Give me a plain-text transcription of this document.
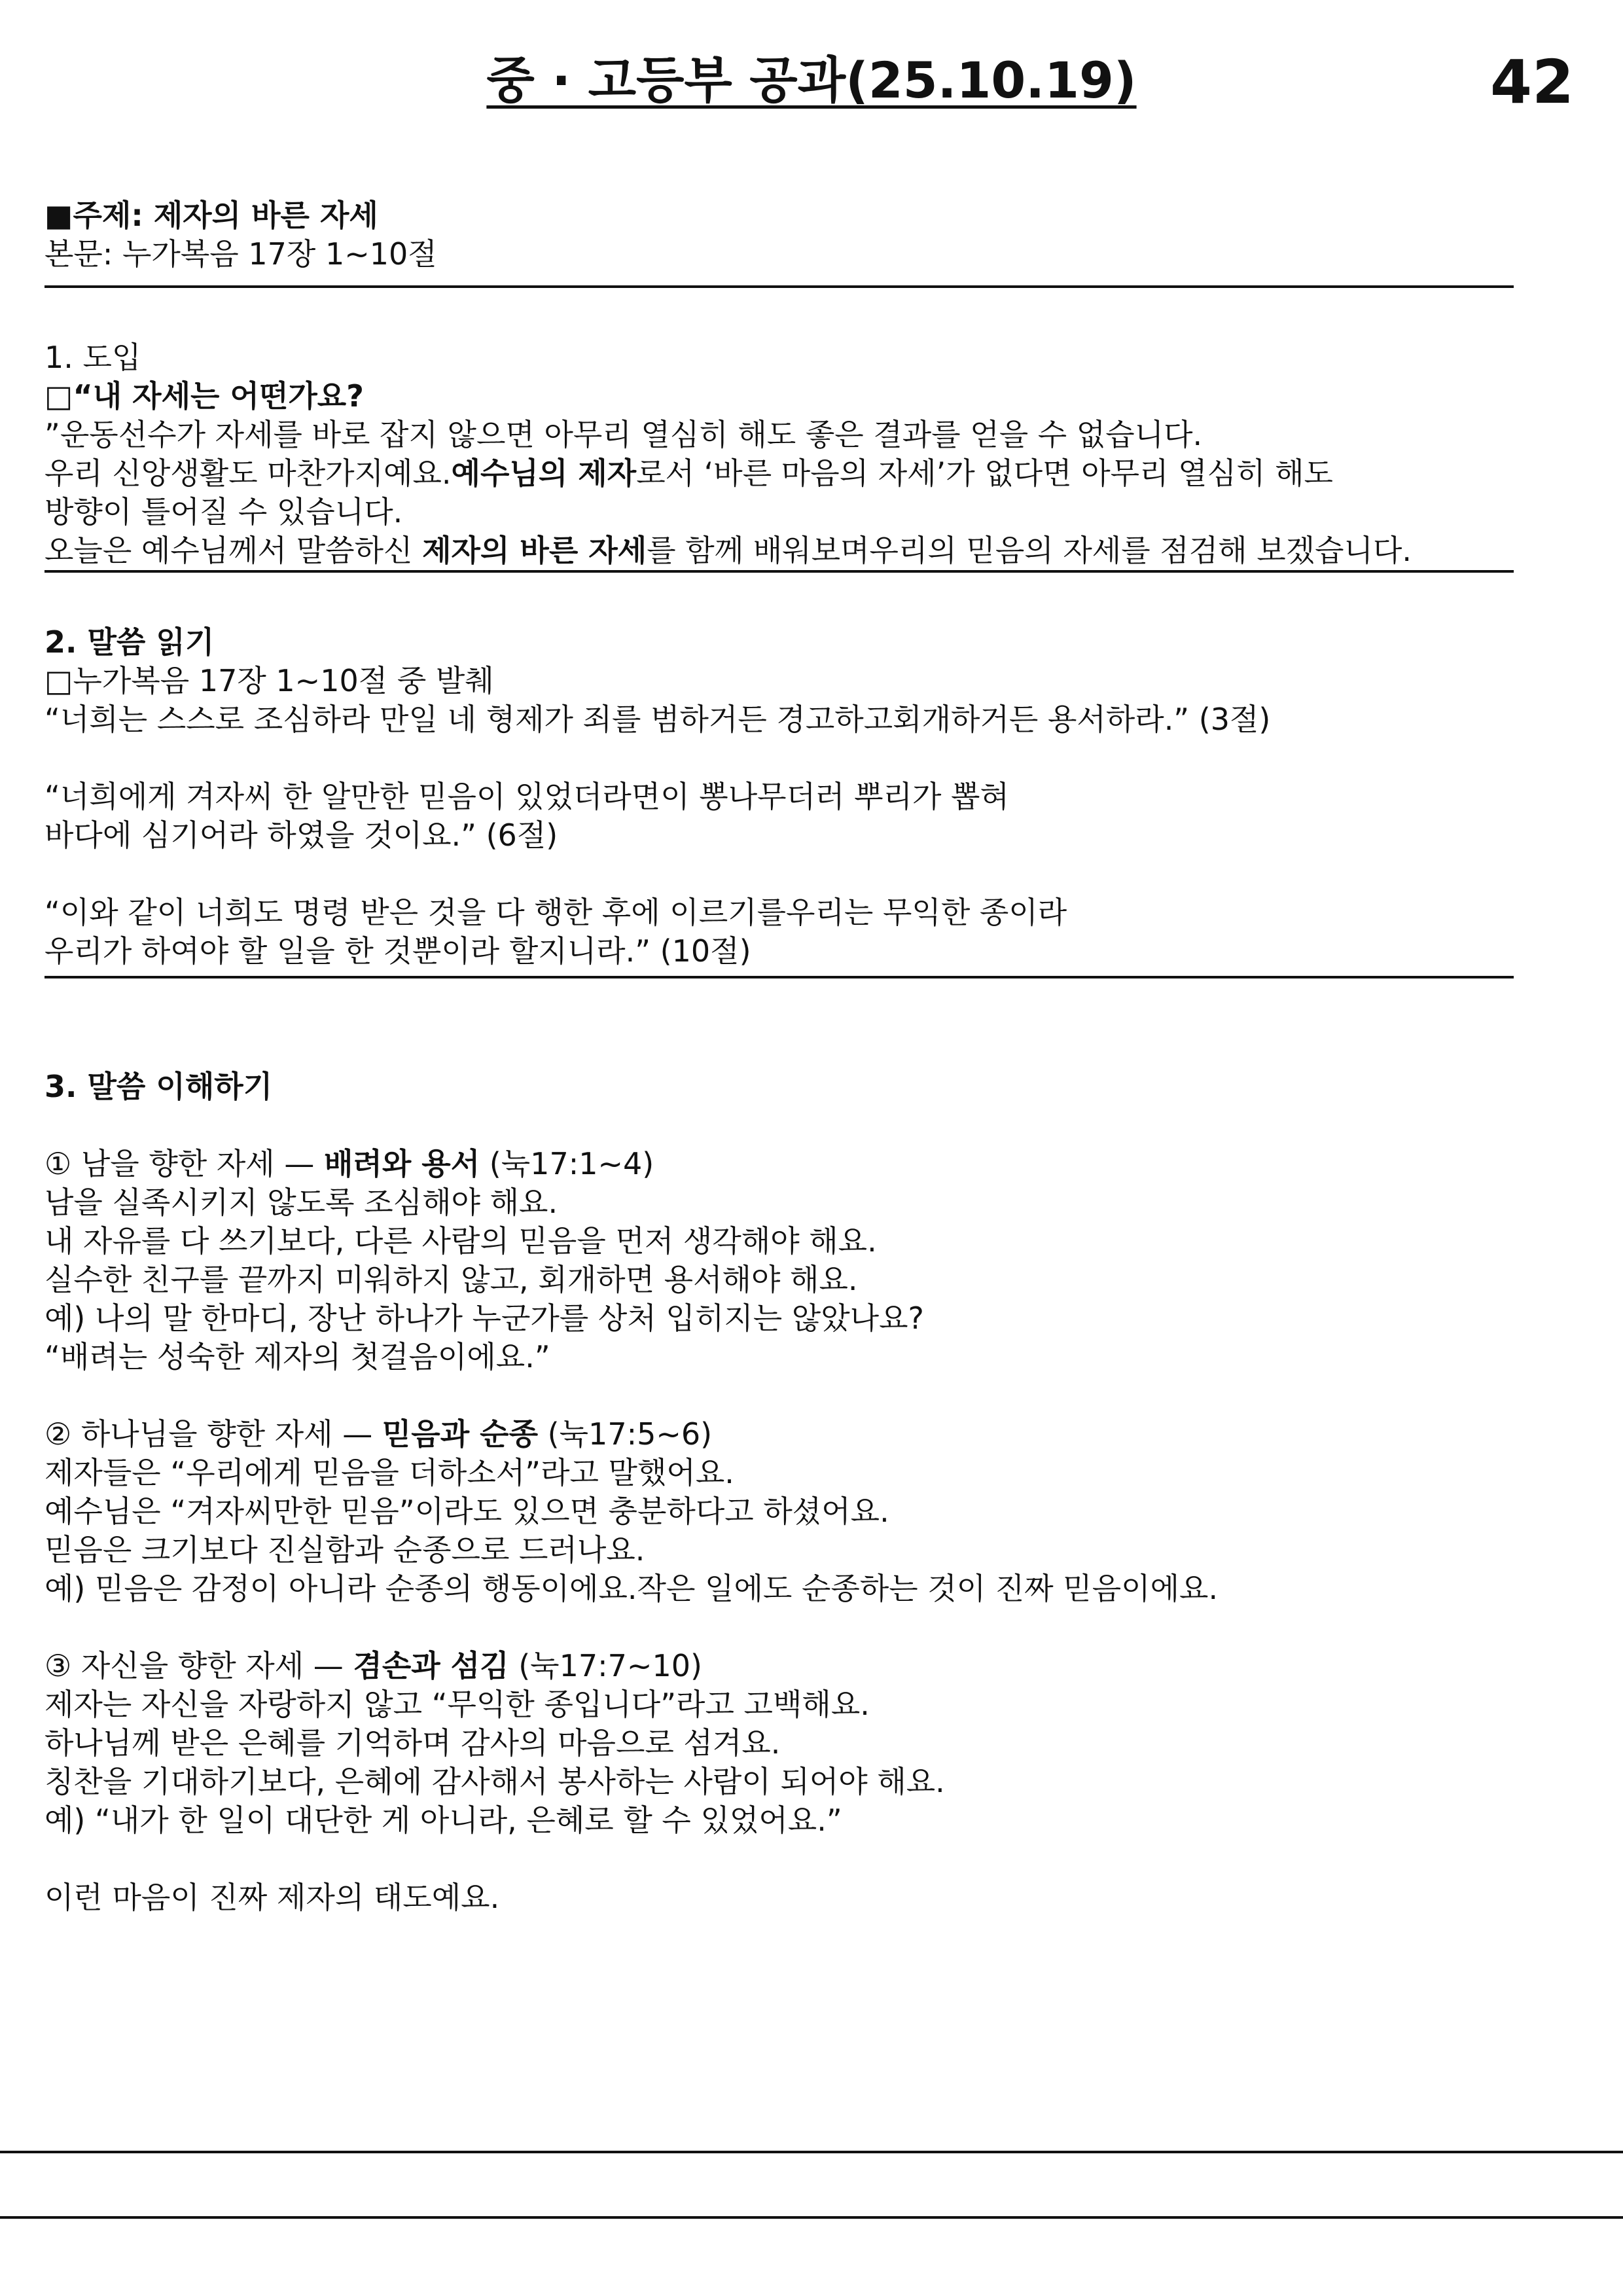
중 · 고등부 공과(25.10.19)	42
■주제: 제자의 바른 자세
본문: 누가복음 17장 1~10절
1. 도입
□“내 자세는 어떤가요?
”운동선수가 자세를 바로 잡지 않으면 아무리 열심히 해도 좋은 결과를 얻을 수 없습니다.
우리 신앙생활도 마찬가지예요.예수님의 제자로서 ‘바른 마음의 자세’가 없다면 아무리 열심히 해도
방향이 틀어질 수 있습니다.
오늘은 예수님께서 말씀하신 제자의 바른 자세를 함께 배워보며우리의 믿음의 자세를 점검해 보겠습니다.
2. 말씀 읽기
□누가복음 17장 1~10절 중 발췌
“너희는 스스로 조심하라 만일 네 형제가 죄를 범하거든 경고하고회개하거든 용서하라.” (3절)
“너희에게 겨자씨 한 알만한 믿음이 있었더라면이 뽕나무더러 뿌리가 뽑혀
바다에 심기어라 하였을 것이요.” (6절)
“이와 같이 너희도 명령 받은 것을 다 행한 후에 이르기를우리는 무익한 종이라
우리가 하여야 할 일을 한 것뿐이라 할지니라.” (10절)
3. 말씀 이해하기
① 남을 향한 자세 — 배려와 용서 (눅17:1~4)
남을 실족시키지 않도록 조심해야 해요.
내 자유를 다 쓰기보다, 다른 사람의 믿음을 먼저 생각해야 해요.
실수한 친구를 끝까지 미워하지 않고, 회개하면 용서해야 해요.
예) 나의 말 한마디, 장난 하나가 누군가를 상처 입히지는 않았나요?
“배려는 성숙한 제자의 첫걸음이에요.”
② 하나님을 향한 자세 — 믿음과 순종 (눅17:5~6)
제자들은 “우리에게 믿음을 더하소서”라고 말했어요.
예수님은 “겨자씨만한 믿음”이라도 있으면 충분하다고 하셨어요.
믿음은 크기보다 진실함과 순종으로 드러나요.
예) 믿음은 감정이 아니라 순종의 행동이에요.작은 일에도 순종하는 것이 진짜 믿음이에요.
③ 자신을 향한 자세 — 겸손과 섬김 (눅17:7~10)
제자는 자신을 자랑하지 않고 “무익한 종입니다”라고 고백해요.
하나님께 받은 은혜를 기억하며 감사의 마음으로 섬겨요.
칭찬을 기대하기보다, 은혜에 감사해서 봉사하는 사람이 되어야 해요.
예) “내가 한 일이 대단한 게 아니라, 은혜로 할 수 있었어요.”
이런 마음이 진짜 제자의 태도예요.
